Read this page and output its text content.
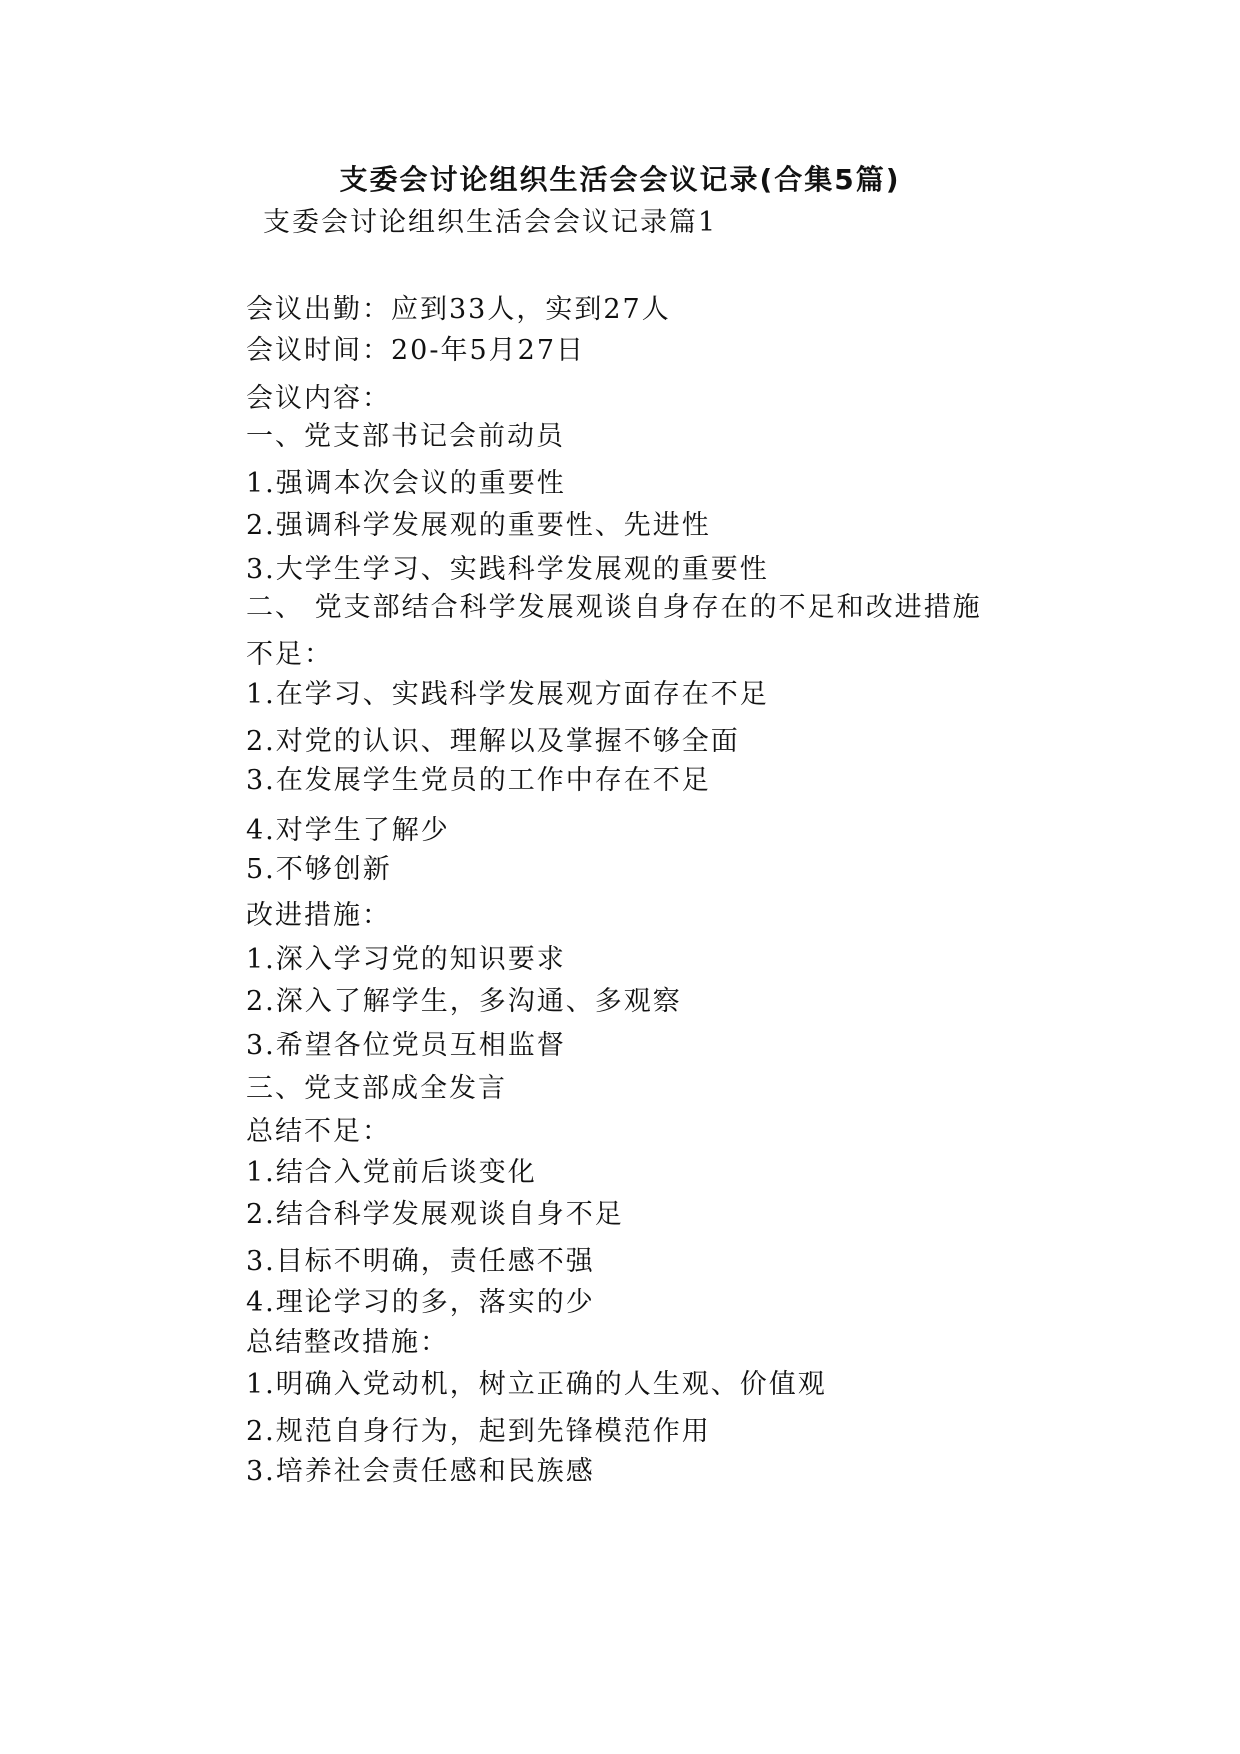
支委会讨论组织生活会会议记录(合集5篇)
支委会讨论组织生活会会议记录篇1
会议出勤：应到33人，实到27人
会议时间：20-年5月27日
会议内容：
一、党支部书记会前动员
1.强调本次会议的重要性
2.强调科学发展观的重要性、先进性
3.大学生学习、实践科学发展观的重要性
二、 党支部结合科学发展观谈自身存在的不足和改进措施
不足：
1.在学习、实践科学发展观方面存在不足
2.对党的认识、理解以及掌握不够全面
3.在发展学生党员的工作中存在不足
4.对学生了解少
5.不够创新
改进措施：
1.深入学习党的知识要求
2.深入了解学生，多沟通、多观察
3.希望各位党员互相监督
三、党支部成全发言
总结不足：
1.结合入党前后谈变化
2.结合科学发展观谈自身不足
3.目标不明确，责任感不强
4.理论学习的多，落实的少
总结整改措施：
1.明确入党动机，树立正确的人生观、价值观
2.规范自身行为，起到先锋模范作用
3.培养社会责任感和民族感
